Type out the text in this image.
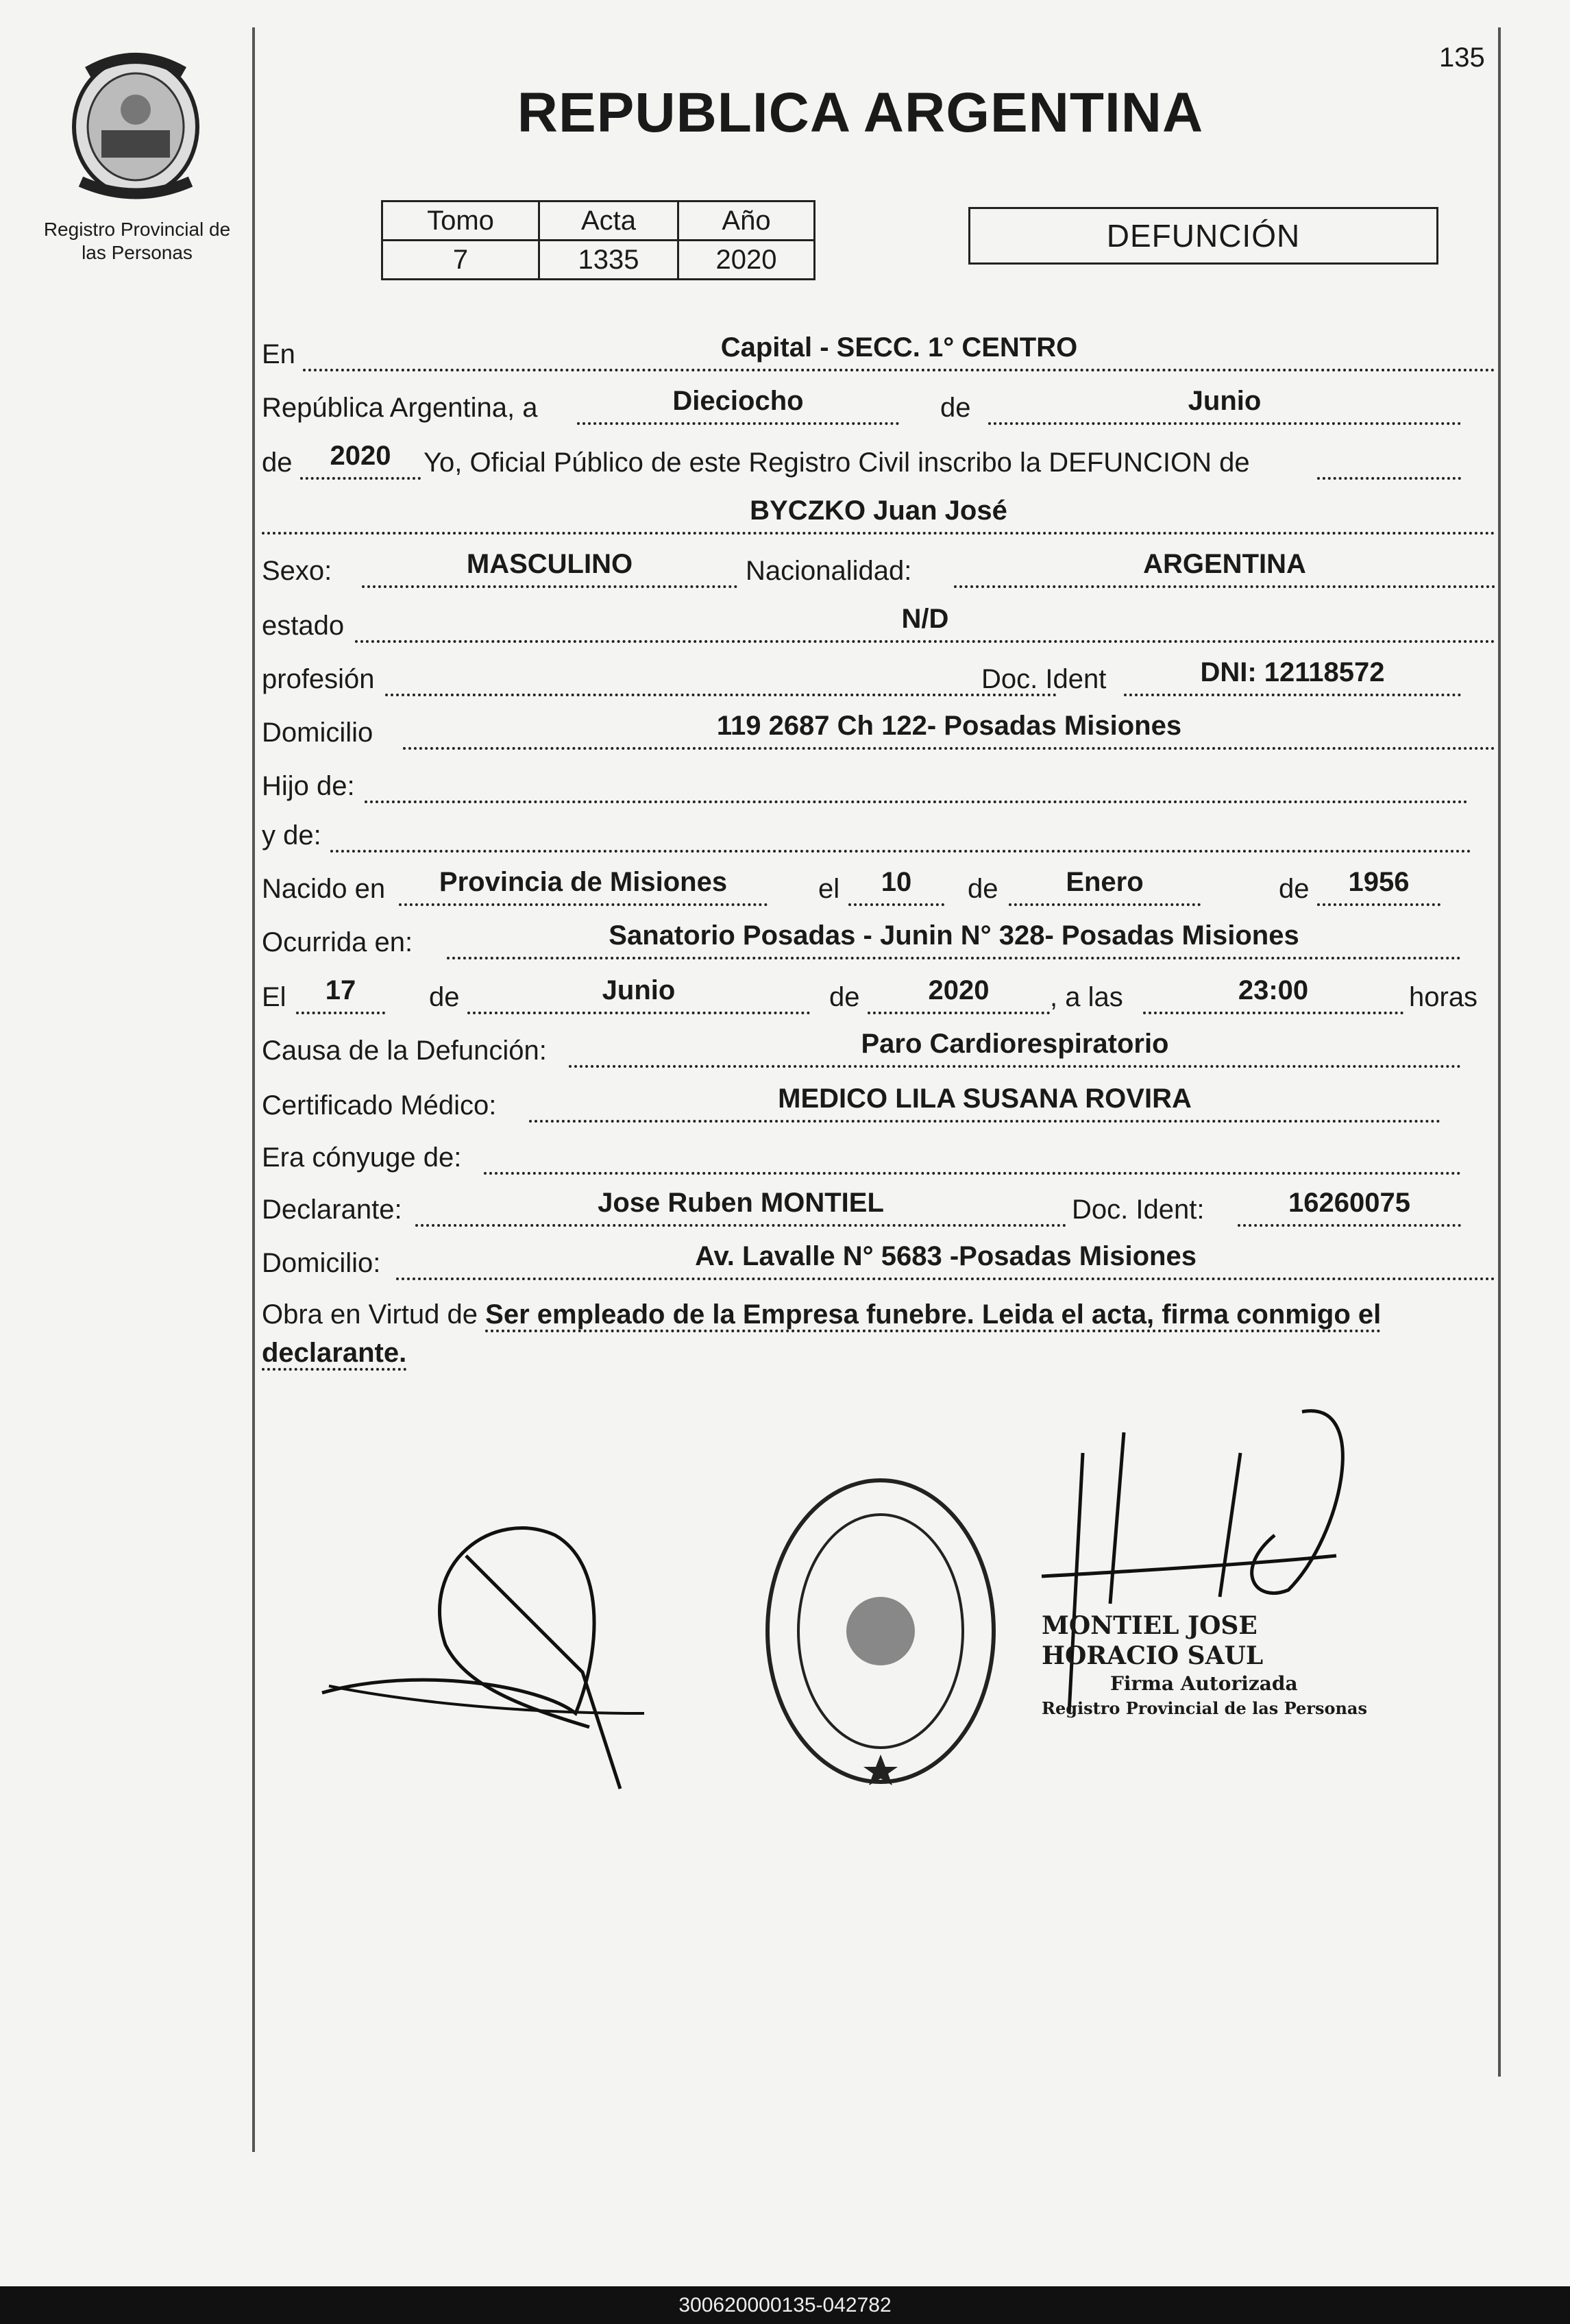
135
Registro Provincial de
las Personas
REPUBLICA ARGENTINA
Tomo	Acta	Año
7	1335	2020
DEFUNCIÓN
En	Capital - SECC. 1° CENTRO
República Argentina, a	Dieciocho	de	Junio
de	2020	Yo, Oficial Público de este Registro Civil inscribo la DEFUNCION de
BYCZKO Juan José
Sexo:	MASCULINO	Nacionalidad:	ARGENTINA
estado	N/D
profesión	Doc. Ident	DNI: 12118572
Domicilio	119 2687 Ch 122- Posadas Misiones
Hijo de:
y de:
Nacido en	Provincia de Misiones	el	10	de	Enero	de	1956
Ocurrida en:	Sanatorio Posadas - Junin N° 328- Posadas Misiones
El	17	de	Junio	de	2020	, a las	23:00	horas
Causa de la Defunción:	Paro Cardiorespiratorio
Certificado Médico:	MEDICO LILA SUSANA ROVIRA
Era cónyuge de:
Declarante:	Jose Ruben MONTIEL	Doc. Ident:	16260075
Domicilio:	Av. Lavalle N° 5683 -Posadas Misiones
Obra en Virtud de Ser empleado de la Empresa funebre. Leida el acta, firma conmigo el
declarante.
MONTIEL JOSE HORACIO SAUL
Firma Autorizada
Registro Provincial de las Personas
300620000135-042782
